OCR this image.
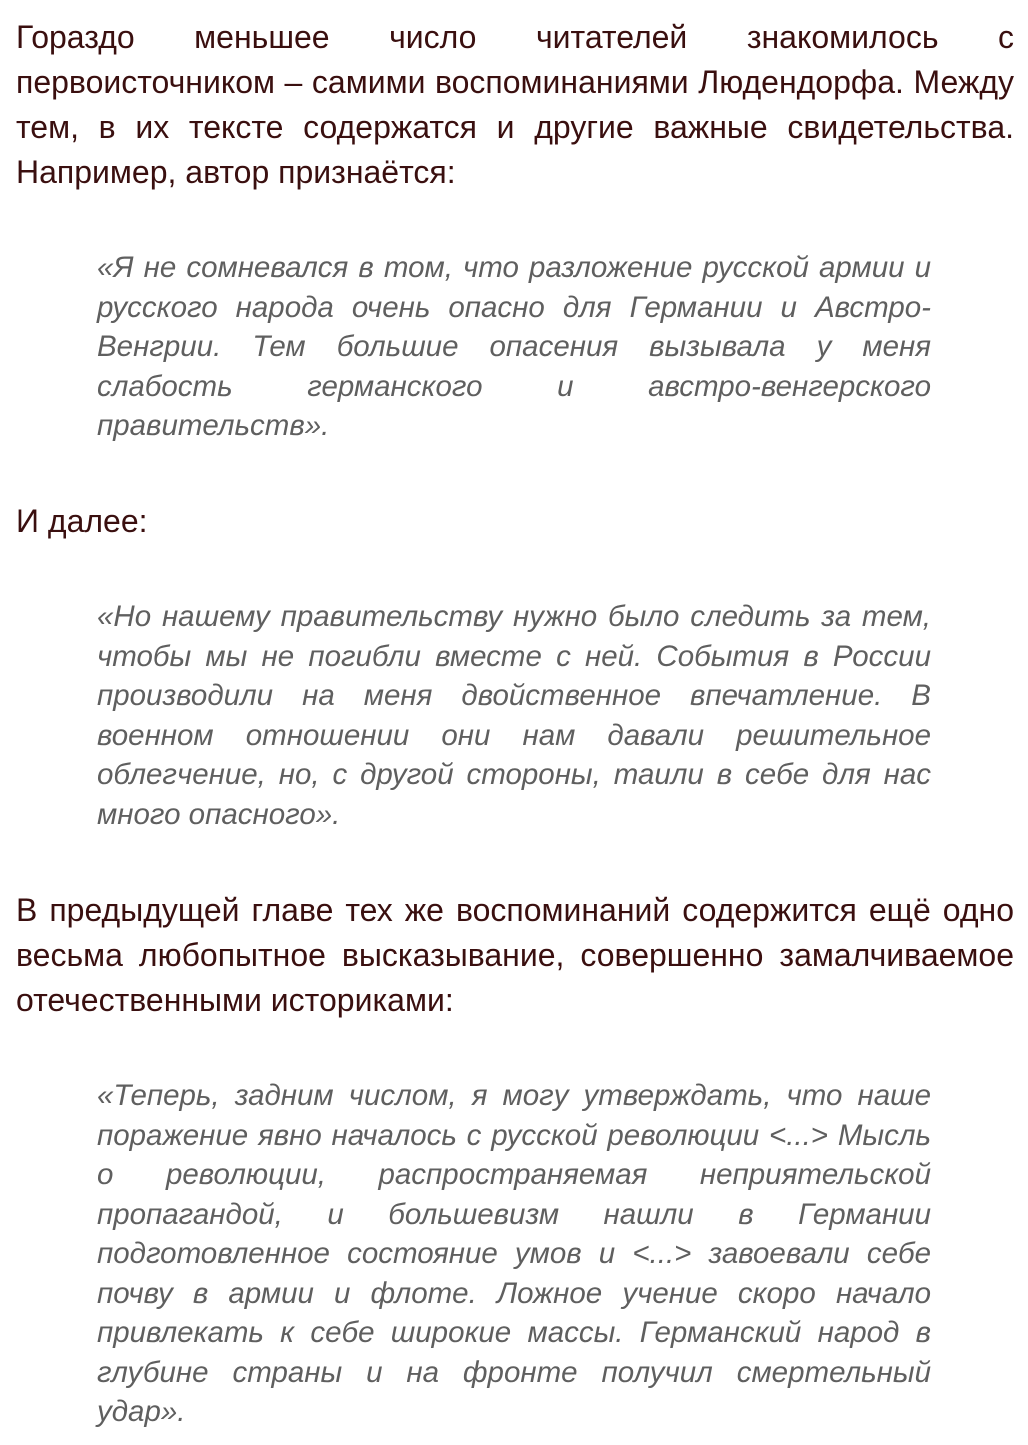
Гораздо меньшее число читателей знакомилось с первоисточником – самими воспоминаниями Людендорфа. Между тем, в их тексте содержатся и другие важные свидетельства. Например, автор признаётся:

«Я не сомневался в том, что разложение русской армии и русского народа очень опасно для Германии и Австро-Венгрии. Тем большие опасения вызывала у меня слабость германского и австро-венгерского правительств».

И далее:

«Но нашему правительству нужно было следить за тем, чтобы мы не погибли вместе с ней. События в России производили на меня двойственное впечатление. В военном отношении они нам давали решительное облегчение, но, с другой стороны, таили в себе для нас много опасного».

В предыдущей главе тех же воспоминаний содержится ещё одно весьма любопытное высказывание, совершенно замалчиваемое отечественными историками:

«Теперь, задним числом, я могу утверждать, что наше поражение явно началось с русской революции <...> Мысль о революции, распространяемая неприятельской пропагандой, и большевизм нашли в Германии подготовленное состояние умов и <...> завоевали себе почву в армии и флоте. Ложное учение скоро начало привлекать к себе широкие массы. Германский народ в глубине страны и на фронте получил смертельный удар».
